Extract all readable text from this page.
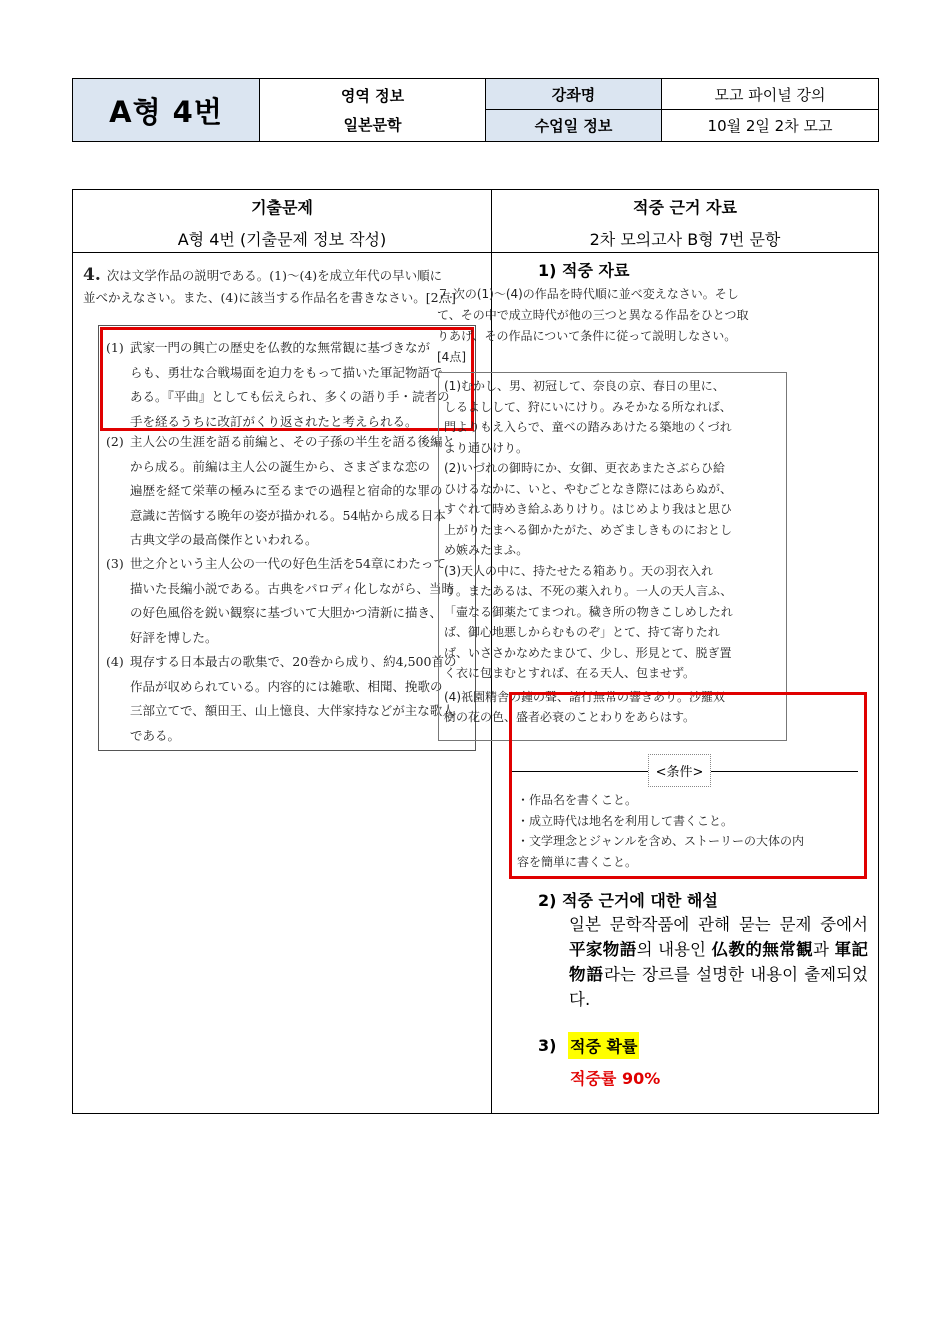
A형 4번	영역 정보
일본문학
강좌명	모고 파이널 강의
수업일 정보	10월 2일 2차 모고
기출문제
A형 4번 (기출문제 정보 작성)
적중 근거 자료
2차 모의고사 B형 7번 문항
4. 次は文学作品の説明である。(1)～(4)を成立年代の早い順に
並べかえなさい。また、(4)に該当する作品名を書きなさい。[2点]
(1) 武家一門の興亡の歴史を仏教的な無常観に基づきなが
らも、勇壮な合戦場面を迫力をもって描いた軍記物語で
ある。『平曲』としても伝えられ、多くの語り手・読者の
手を経るうちに改訂がくり返されたと考えられる。
(2) 主人公の生涯を語る前編と、その子孫の半生を語る後編と
から成る。前編は主人公の誕生から、さまざまな恋の
遍歴を経て栄華の極みに至るまでの過程と宿命的な罪の
意識に苦悩する晩年の姿が描かれる。54帖から成る日本
古典文学の最高傑作といわれる。
(3) 世之介という主人公の一代の好色生活を54章にわたって
描いた長編小説である。古典をパロディ化しながら、当時
の好色風俗を鋭い観察に基づいて大胆かつ清新に描き、
好評を博した。
(4) 現存する日本最古の歌集で、20巻から成り、約4,500首の
作品が収められている。内容的には雑歌、相聞、挽歌の
三部立てで、額田王、山上憶良、大伴家持などが主な歌人
である。
1) 적중 자료
７.次の(1)～(4)の作品を時代順に並べ変えなさい。そし
て、その中で成立時代が他の三つと異なる作品をひとつ取
りあげ、その作品について条件に従って説明しなさい。
[4点]

(1)むかし、男、初冠して、奈良の京、春日の里に、

しるよしして、狩にいにけり。みそかなる所なれば、

門よりもえ入らで、童べの踏みあけたる築地のくづれ

より通ひけり。

(2)いづれの御時にか、女御、更衣あまたさぶらひ給

ひけるなかに、いと、やむごとなき際にはあらぬが、

すぐれて時めき給ふありけり。はじめより我はと思ひ

上がりたまへる御かたがた、めざましきものにおとし

め嫉みたまふ。

(3)天人の中に、持たせたる箱あり。天の羽衣入れ

り。またあるは、不死の薬入れり。一人の天人言ふ、

「壷なる御薬たてまつれ。穢き所の物きこしめしたれ

ば、御心地悪しからむものぞ」とて、持て寄りたれ

ば、いささかなめたまひて、少し、形見とて、脱ぎ置

く衣に包まむとすれば、在る天人、包ませず。

(4)祇園精舎の鐘の聲、諸行無常の響きあり。沙羅双

樹の花の色、盛者必衰のことわりをあらはす。

<条件>

・作品名を書くこと。

・成立時代は地名を利用して書くこと。

・文学理念とジャンルを含め、ストーリーの大体の内

容を簡単に書くこと。

2) 적중 근거에 대한 해설
일본 문학작품에 관해 묻는 문제 중에서 平家物語의 내용인 仏教的無常観과 軍記物語라는 장르를 설명한 내용이 출제되었다.
3) 적중 확률
적중률 90%
